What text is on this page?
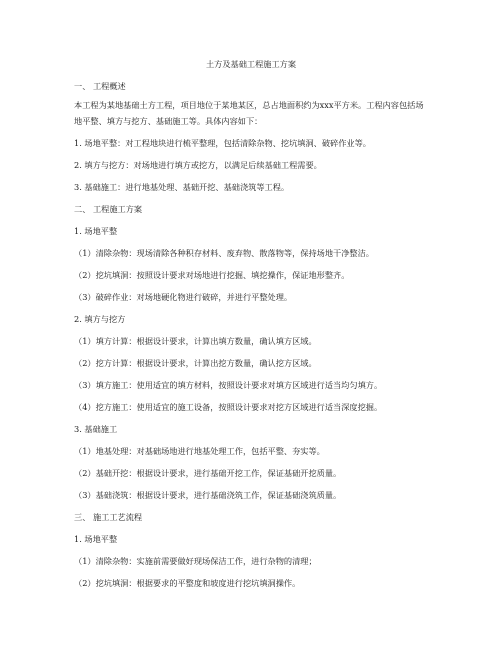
土方及基础工程施工方案
一、 工程概述
本工程为某地基础土方工程，项目地位于某地某区，总占地面积约为xxx平方米。工程内容包括场地平整、填方与挖方、基础施工等。具体内容如下：
1. 场地平整：对工程地块进行梳平整理，包括清除杂物、挖坑填洞、破碎作业等。
2. 填方与挖方：对场地进行填方或挖方，以满足后续基础工程需要。
3. 基础施工：进行地基处理、基础开挖、基础浇筑等工程。
二、 工程施工方案
1. 场地平整
（1）清除杂物：现场清除各种积存材料、废弃物、散落物等，保持场地干净整洁。
（2）挖坑填洞：按照设计要求对场地进行挖掘、填挖操作，保证地形整齐。
（3）破碎作业：对场地硬化物进行破碎，并进行平整处理。
2. 填方与挖方
（1）填方计算：根据设计要求，计算出填方数量，确认填方区域。
（2）挖方计算：根据设计要求，计算出挖方数量，确认挖方区域。
（3）填方施工：使用适宜的填方材料，按照设计要求对填方区域进行适当均匀填方。
（4）挖方施工：使用适宜的施工设备，按照设计要求对挖方区域进行适当深度挖掘。
3. 基础施工
（1）地基处理：对基础场地进行地基处理工作，包括平整、夯实等。
（2）基础开挖：根据设计要求，进行基础开挖工作，保证基础开挖质量。
（3）基础浇筑：根据设计要求，进行基础浇筑工作，保证基础浇筑质量。
三、 施工工艺流程
1. 场地平整
（1）清除杂物：实施前需要做好现场保洁工作，进行杂物的清理；
（2）挖坑填洞：根据要求的平整度和坡度进行挖坑填洞操作。
